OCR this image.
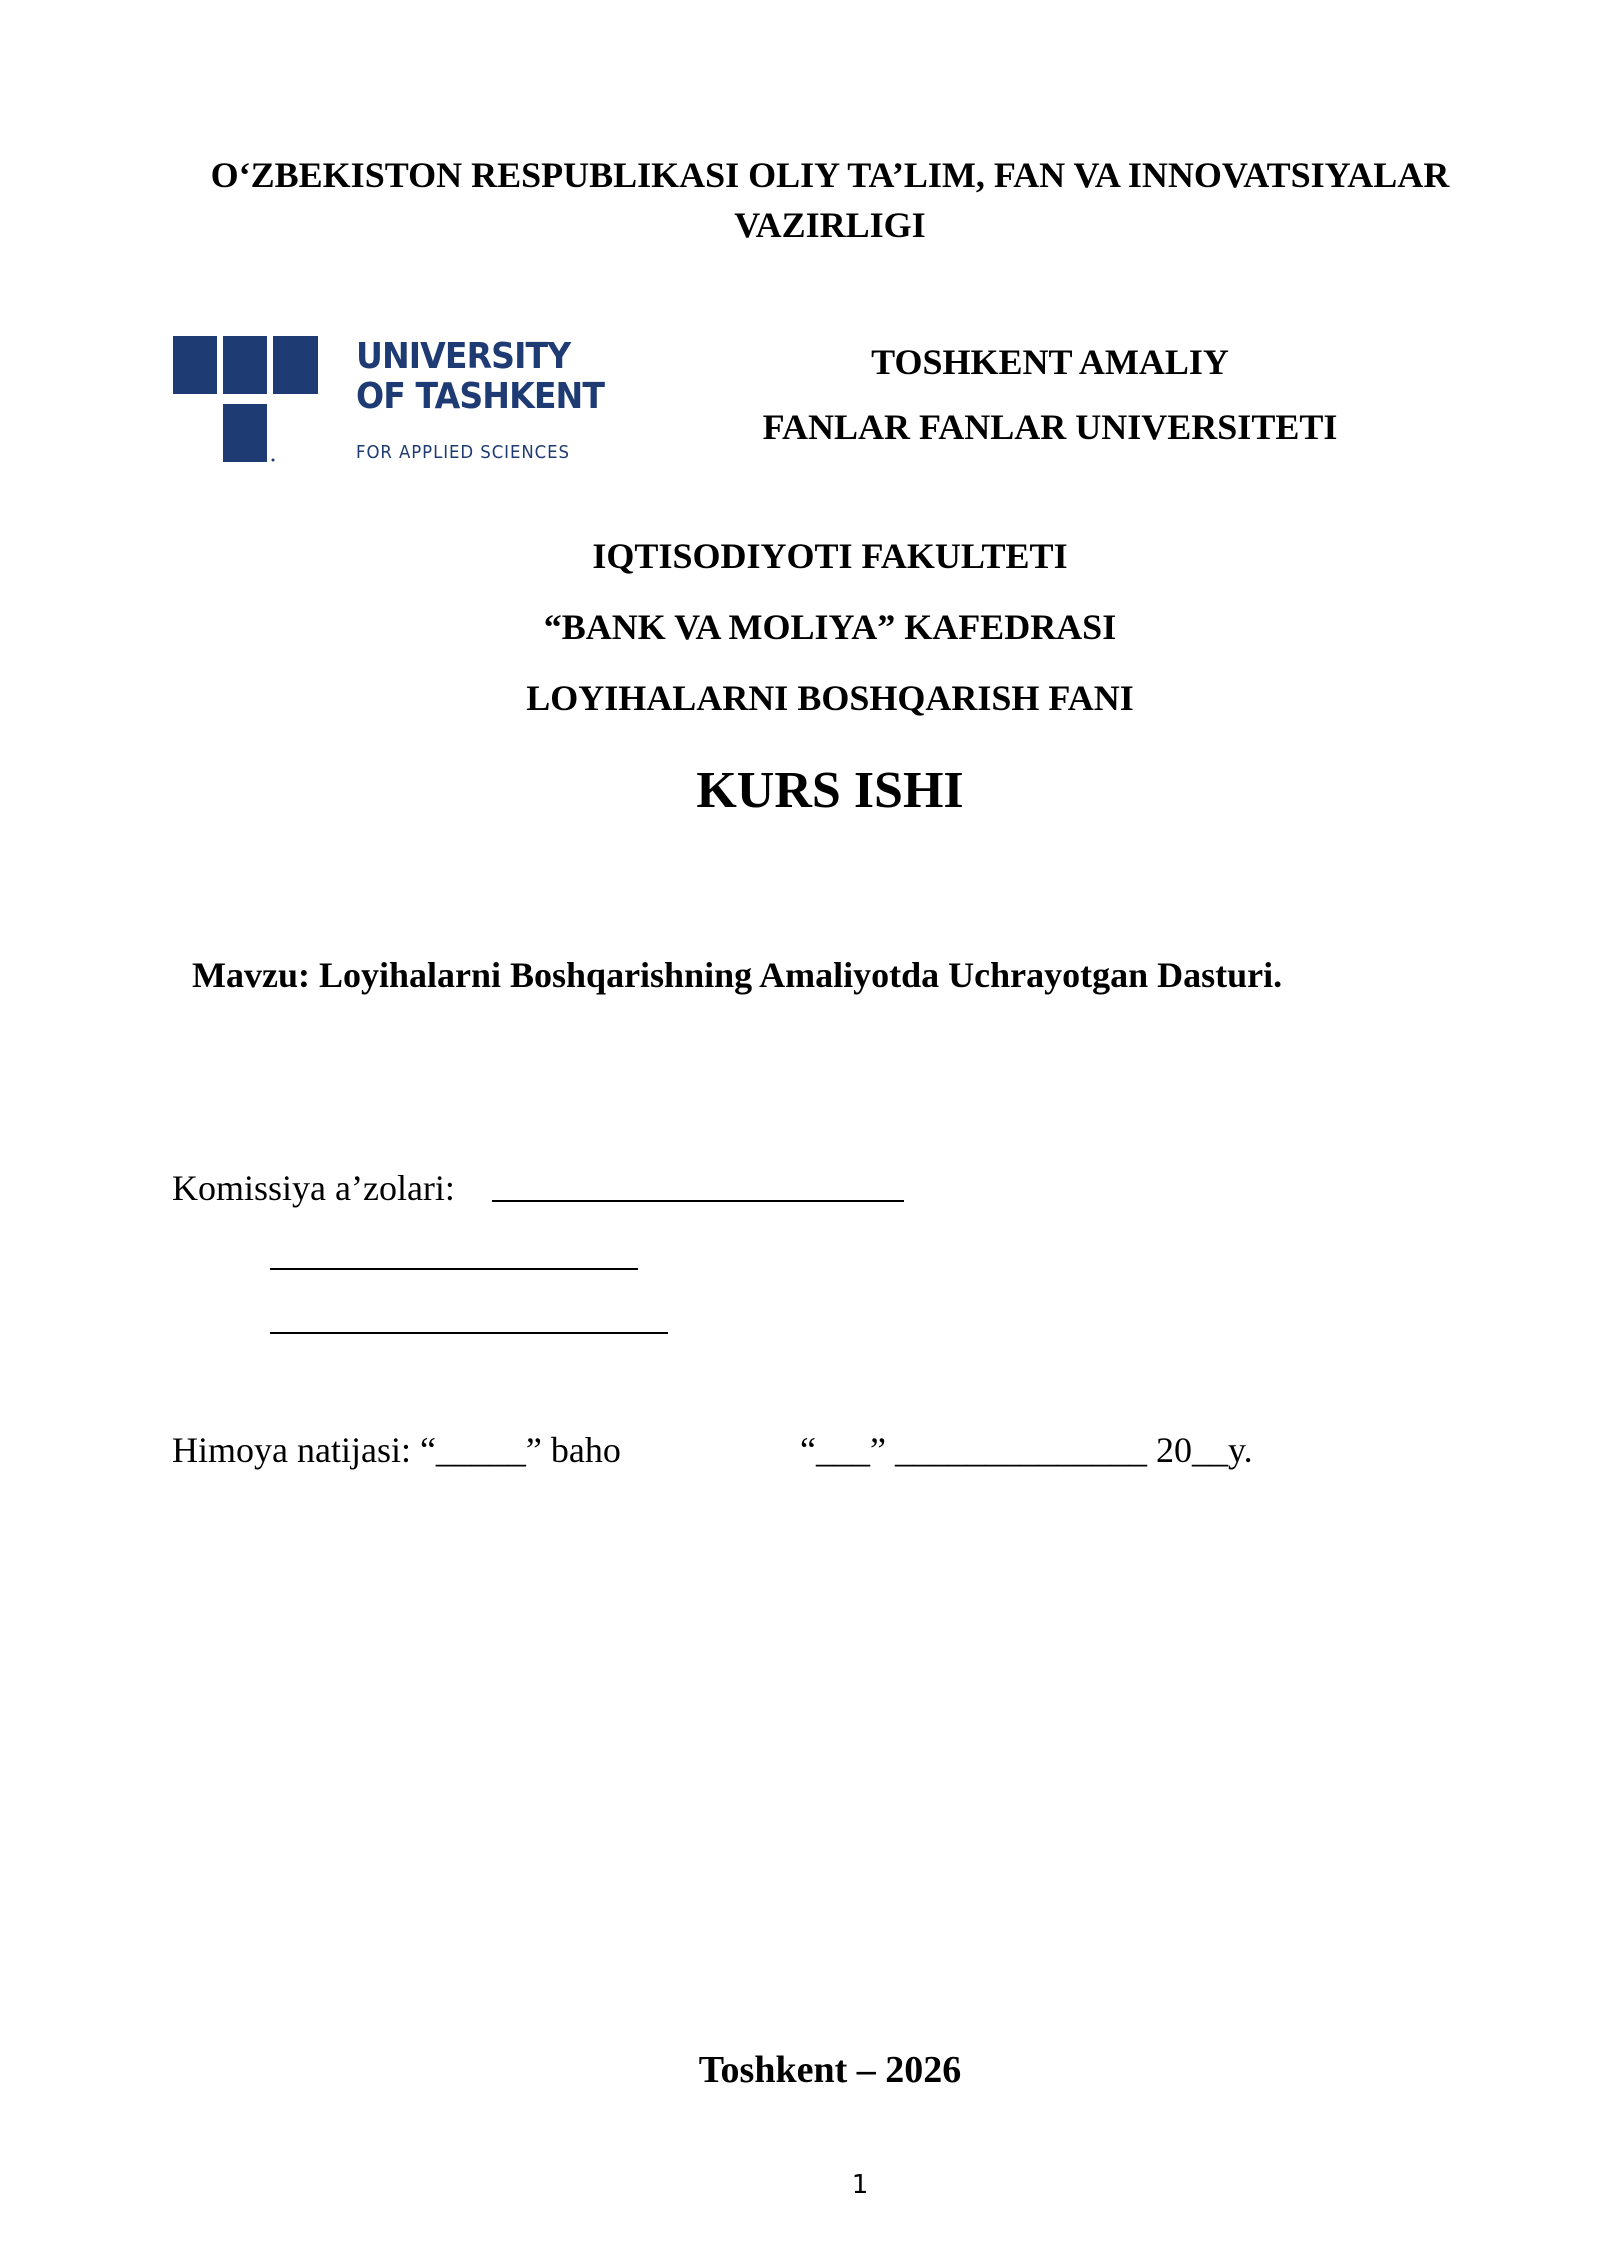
O‘ZBEKISTON RESPUBLIKASI OLIY TA’LIM, FAN VA INNOVATSIYALAR
VAZIRLIGI
UNIVERSITY
OF TASHKENT
FOR APPLIED SCIENCES
TOSHKENT AMALIY
FANLAR FANLAR UNIVERSITETI
IQTISODIYOTI FAKULTETI
“BANK VA MOLIYA” KAFEDRASI
LOYIHALARNI BOSHQARISH FANI
KURS ISHI
Mavzu: Loyihalarni Boshqarishning Amaliyotda Uchrayotgan Dasturi.
Komissiya a’zolari:
Himoya natijasi: “_____” baho	“___” ______________ 20__y.
Toshkent – 2026
1
